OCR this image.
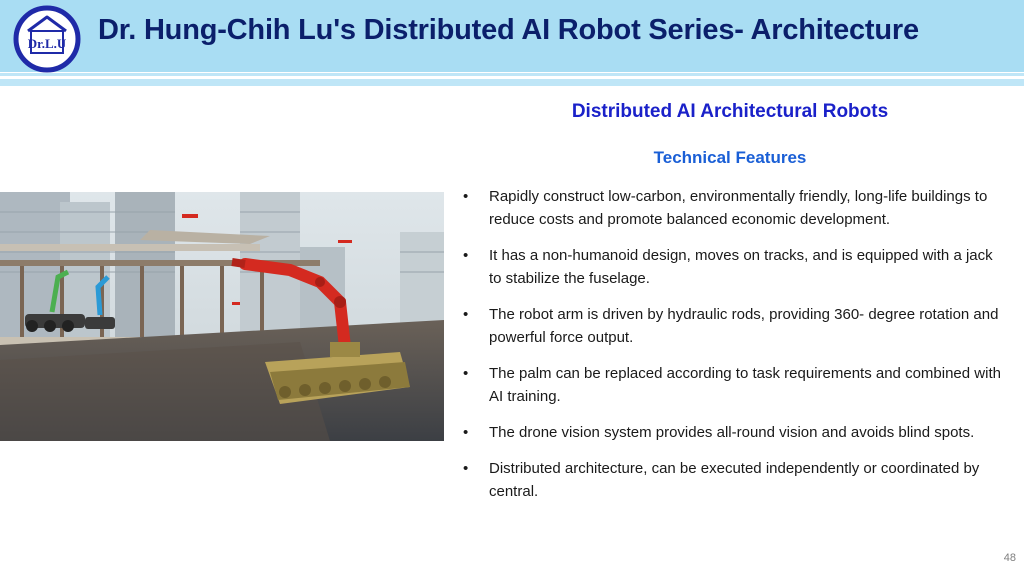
Dr.L.U Dr. Hung-Chih Lu's Distributed AI Robot Series- Architecture
Distributed AI Architectural Robots
Technical Features
• Rapidly construct low-carbon, environmentally friendly, long-life buildings to reduce costs and promote balanced economic development.
• It has a non-humanoid design, moves on tracks, and is equipped with a jack to stabilize the fuselage.
• The robot arm is driven by hydraulic rods, providing 360- degree rotation and powerful force output.
• The palm can be replaced according to task requirements and combined with AI training.
• The drone vision system provides all-round vision and avoids blind spots.
• Distributed architecture, can be executed independently or coordinated by central.
48
